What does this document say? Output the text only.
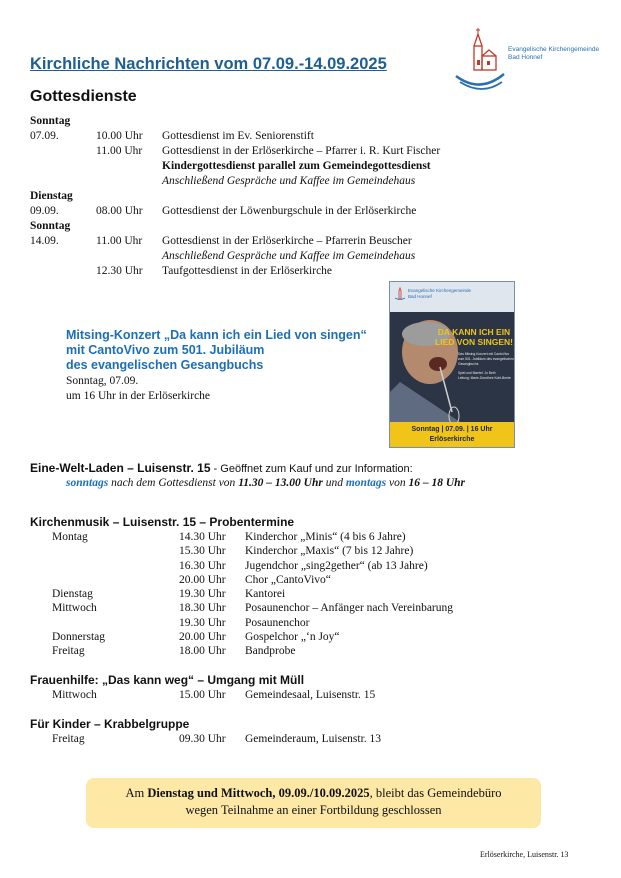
Kirchliche Nachrichten vom 07.09.-14.09.2025
Evangelische Kirchengemeinde
Bad Honnef
Gottesdienste
Sonntag
07.09.	10.00 Uhr Gottesdienst im Ev. Seniorenstift
11.00 Uhr Gottesdienst in der Erlöserkirche – Pfarrer i. R. Kurt Fischer
Kindergottesdienst parallel zum Gemeindegottesdienst
Anschließend Gespräche und Kaffee im Gemeindehaus
Dienstag
09.09.	08.00 Uhr Gottesdienst der Löwenburgschule in der Erlöserkirche
Sonntag
14.09.	11.00 Uhr Gottesdienst in der Erlöserkirche – Pfarrerin Beuscher
Anschließend Gespräche und Kaffee im Gemeindehaus
12.30 Uhr Taufgottesdienst in der Erlöserkirche
Mitsing-Konzert „Da kann ich ein Lied von singen“
mit CantoVivo zum 501. Jubiläum
des evangelischen Gesangbuchs
Sonntag, 07.09.
um 16 Uhr in der Erlöserkirche
Evangelische Kirchengemeinde
Bad Honnef
DA KANN ICH EIN
LIED VON SINGEN!
Das Mitsing-Konzert mit CantoVivo
zum 501. Jubiläum des evangelischen
Gesangbuchs
Spiel und Mantel: Jo Beth
Leitung: Marie-Dorothee Kohl-Bente
Sonntag | 07.09. | 16 Uhr
Erlöserkirche
Eine-Welt-Laden – Luisenstr. 15 - Geöffnet zum Kauf und zur Information:
sonntags nach dem Gottesdienst von 11.30 – 13.00 Uhr und montags von 16 – 18 Uhr
Kirchenmusik – Luisenstr. 15 – Probentermine
Montag	14.30 Uhr Kinderchor „Minis“ (4 bis 6 Jahre)
15.30 Uhr Kinderchor „Maxis“ (7 bis 12 Jahre)
16.30 Uhr Jugendchor „sing2gether“ (ab 13 Jahre)
20.00 Uhr Chor „CantoVivo“
Dienstag	19.30 Uhr Kantorei
Mittwoch	18.30 Uhr Posaunenchor – Anfänger nach Vereinbarung
19.30 Uhr Posaunenchor
Donnerstag	20.00 Uhr Gospelchor „‘n Joy“
Freitag	18.00 Uhr Bandprobe
Frauenhilfe: „Das kann weg“ – Umgang mit Müll
Mittwoch	15.00 Uhr Gemeindesaal, Luisenstr. 15
Für Kinder – Krabbelgruppe
Freitag	09.30 Uhr Gemeinderaum, Luisenstr. 13
Am Dienstag und Mittwoch, 09.09./10.09.2025, bleibt das Gemeindebüro
wegen Teilnahme an einer Fortbildung geschlossen
Erlöserkirche, Luisenstr. 13
